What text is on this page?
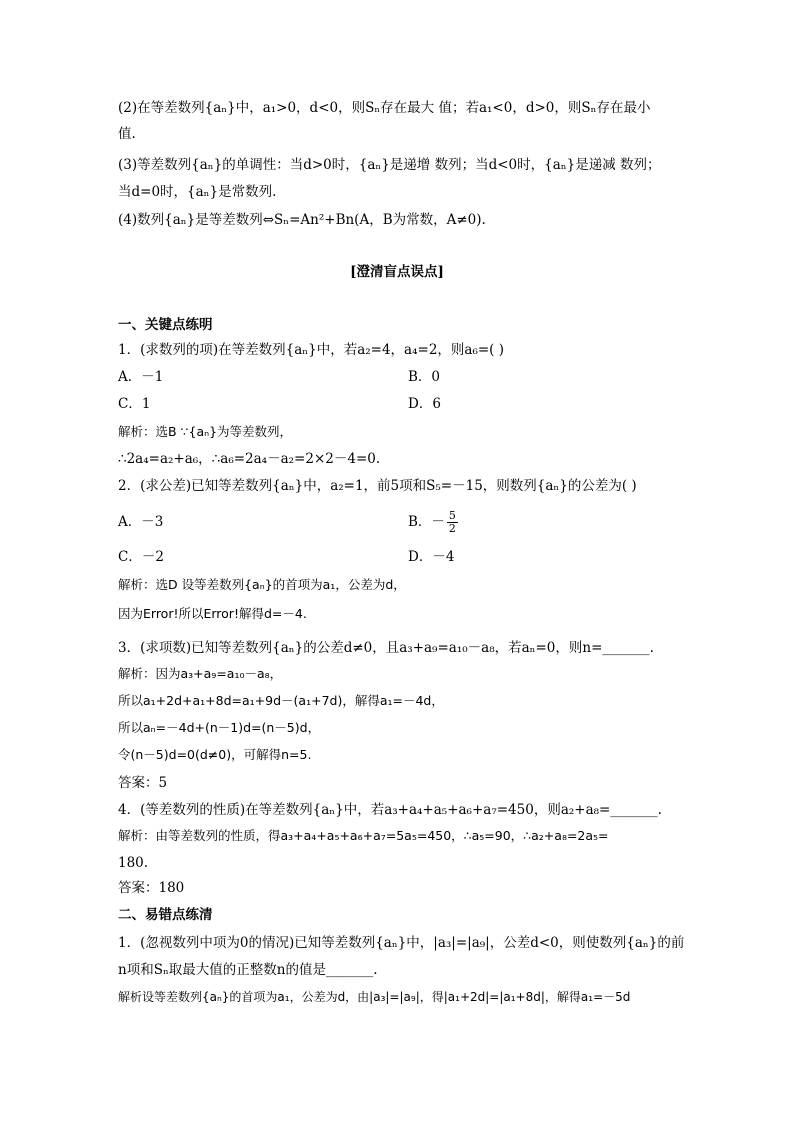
(2)在等差数列{aₙ}中，a₁>0，d<0，则Sₙ存在最大 值；若a₁<0，d>0，则Sₙ存在最小
值.
(3)等差数列{aₙ}的单调性：当d>0时，{aₙ}是递增 数列；当d<0时，{aₙ}是递减 数列；
当d=0时，{aₙ}是常数列.
(4)数列{aₙ}是等差数列⇔Sₙ=An²+Bn(A，B为常数，A≠0).
[澄清盲点误点]
一、关键点练明
1．(求数列的项)在等差数列{aₙ}中，若a₂=4，a₄=2，则a₆=( )
A．－1	B．0
C．1	D．6
解析：选B ∵{aₙ}为等差数列，
∴2a₄=a₂+a₆，∴a₆=2a₄－a₂=2×2－4=0.
2．(求公差)已知等差数列{aₙ}中，a₂=1，前5项和S₅=－15，则数列{aₙ}的公差为( )
A．－3	B．－ $\frac{5}{2}$
C．－2	D．－4
解析：选D 设等差数列{aₙ}的首项为a₁，公差为d，
因为Error!所以Error!解得d=－4.
3．(求项数)已知等差数列{aₙ}的公差d≠0，且a₃+a₉=a₁₀－a₈，若aₙ=0，则n=_______.
解析：因为a₃+a₉=a₁₀－a₈，
所以a₁+2d+a₁+8d=a₁+9d－(a₁+7d)，解得a₁=－4d，
所以aₙ=－4d+(n－1)d=(n－5)d，
令(n－5)d=0(d≠0)，可解得n=5.
答案：5
4．(等差数列的性质)在等差数列{aₙ}中，若a₃+a₄+a₅+a₆+a₇=450，则a₂+a₈=_______.
解析：由等差数列的性质，得a₃+a₄+a₅+a₆+a₇=5a₅=450，∴a₅=90，∴a₂+a₈=2a₅=
180.
答案：180
二、易错点练清
1．(忽视数列中项为0的情况)已知等差数列{aₙ}中，|a₃|=|a₉|，公差d<0，则使数列{aₙ}的前
n项和Sₙ取最大值的正整数n的值是_______.
解析设等差数列{aₙ}的首项为a₁，公差为d，由|a₃|=|a₉|，得|a₁+2d|=|a₁+8d|，解得a₁=－5d
